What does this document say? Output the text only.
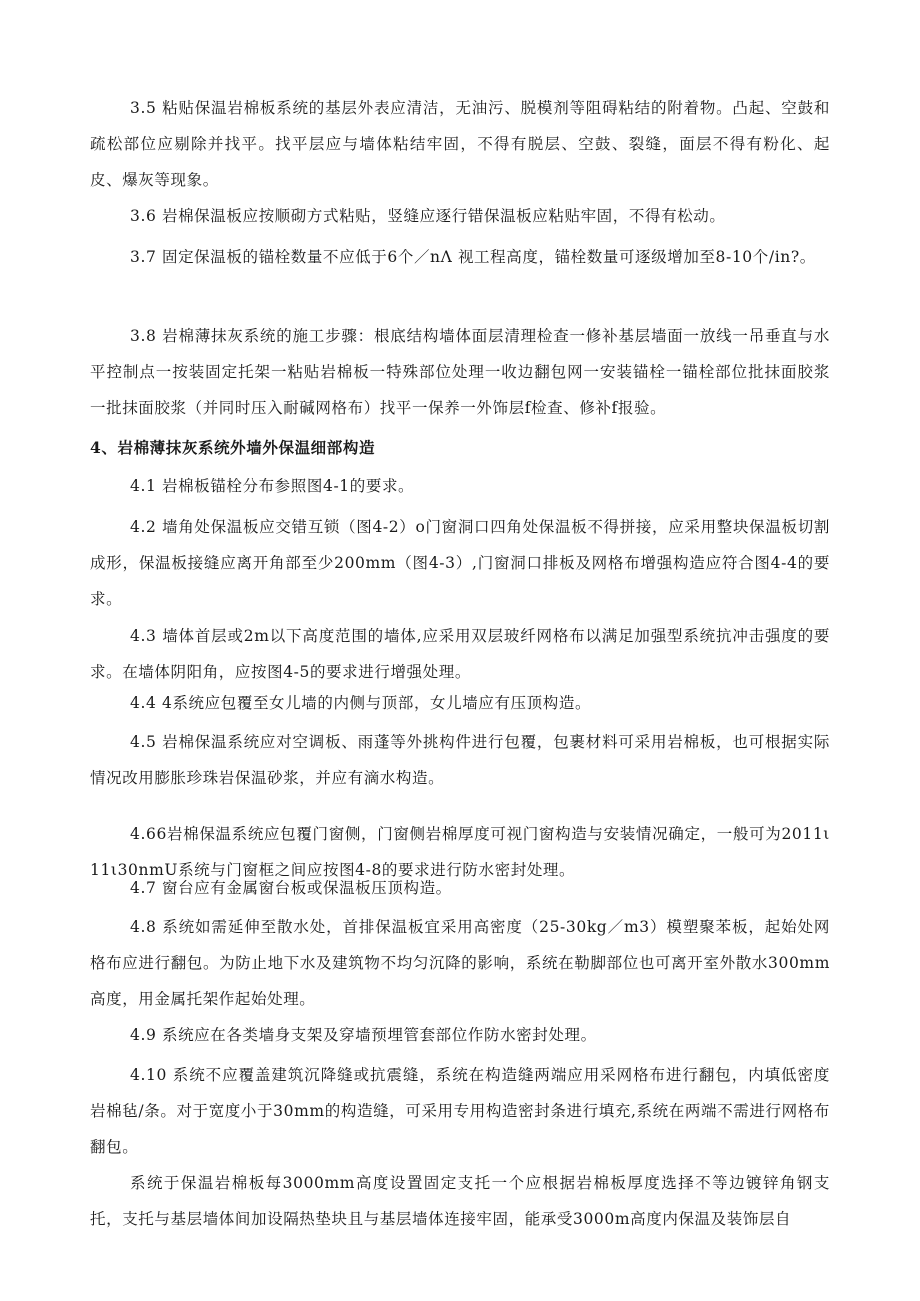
3.5 粘贴保温岩棉板系统的基层外表应清洁，无油污、脱模剂等阻碍粘结的附着物。凸起、空鼓和疏松部位应剔除并找平。找平层应与墙体粘结牢固，不得有脱层、空鼓、裂缝，面层不得有粉化、起皮、爆灰等现象。

3.6 岩棉保温板应按顺砌方式粘贴，竖缝应逐行错保温板应粘贴牢固，不得有松动。

3.7 固定保温板的锚栓数量不应低于6个／nΛ 视工程高度，锚栓数量可逐级增加至8-10个/in?。

3.8 岩棉薄抹灰系统的施工步骤：根底结构墙体面层清理检查一修补基层墙面一放线一吊垂直与水平控制点一按装固定托架一粘贴岩棉板一特殊部位处理一收边翻包网一安装锚栓一锚栓部位批抹面胶浆一批抹面胶浆（并同时压入耐碱网格布）找平一保养一外饰层f检查、修补f报验。

4、岩棉薄抹灰系统外墙外保温细部构造

4.1 岩棉板锚栓分布参照图4-1的要求。

4.2 墙角处保温板应交错互锁（图4-2）o门窗洞口四角处保温板不得拼接，应采用整块保温板切割成形，保温板接缝应离开角部至少200mm（图4-3）,门窗洞口排板及网格布增强构造应符合图4-4的要求。

4.3 墙体首层或2m以下高度范围的墙体,应采用双层玻纤网格布以满足加强型系统抗冲击强度的要求。在墙体阴阳角，应按图4-5的要求进行增强处理。

4.4 4系统应包覆至女儿墙的内侧与顶部，女儿墙应有压顶构造。

4.5 岩棉保温系统应对空调板、雨蓬等外挑构件进行包覆，包裹材料可采用岩棉板，也可根据实际情况改用膨胀珍珠岩保温砂浆，并应有滴水构造。

4.66岩棉保温系统应包覆门窗侧，门窗侧岩棉厚度可视门窗构造与安装情况确定，一般可为2011ι11ι30nmU系统与门窗框之间应按图4-8的要求进行防水密封处理。

4.7 窗台应有金属窗台板或保温板压顶构造。

4.8 系统如需延伸至散水处，首排保温板宜采用高密度（25-30kg／m3）模塑聚苯板，起始处网格布应进行翻包。为防止地下水及建筑物不均匀沉降的影响，系统在勒脚部位也可离开室外散水300mm高度，用金属托架作起始处理。

4.9 系统应在各类墙身支架及穿墙预埋管套部位作防水密封处理。

4.10 系统不应覆盖建筑沉降缝或抗震缝，系统在构造缝两端应用采网格布进行翻包，内填低密度岩棉毡/条。对于宽度小于30mm的构造缝，可采用专用构造密封条进行填充,系统在两端不需进行网格布翻包。

系统于保温岩棉板每3000mm高度设置固定支托一个应根据岩棉板厚度选择不等边镀锌角钢支托，支托与基层墙体间加设隔热垫块且与基层墙体连接牢固，能承受3000m高度内保温及装饰层自
